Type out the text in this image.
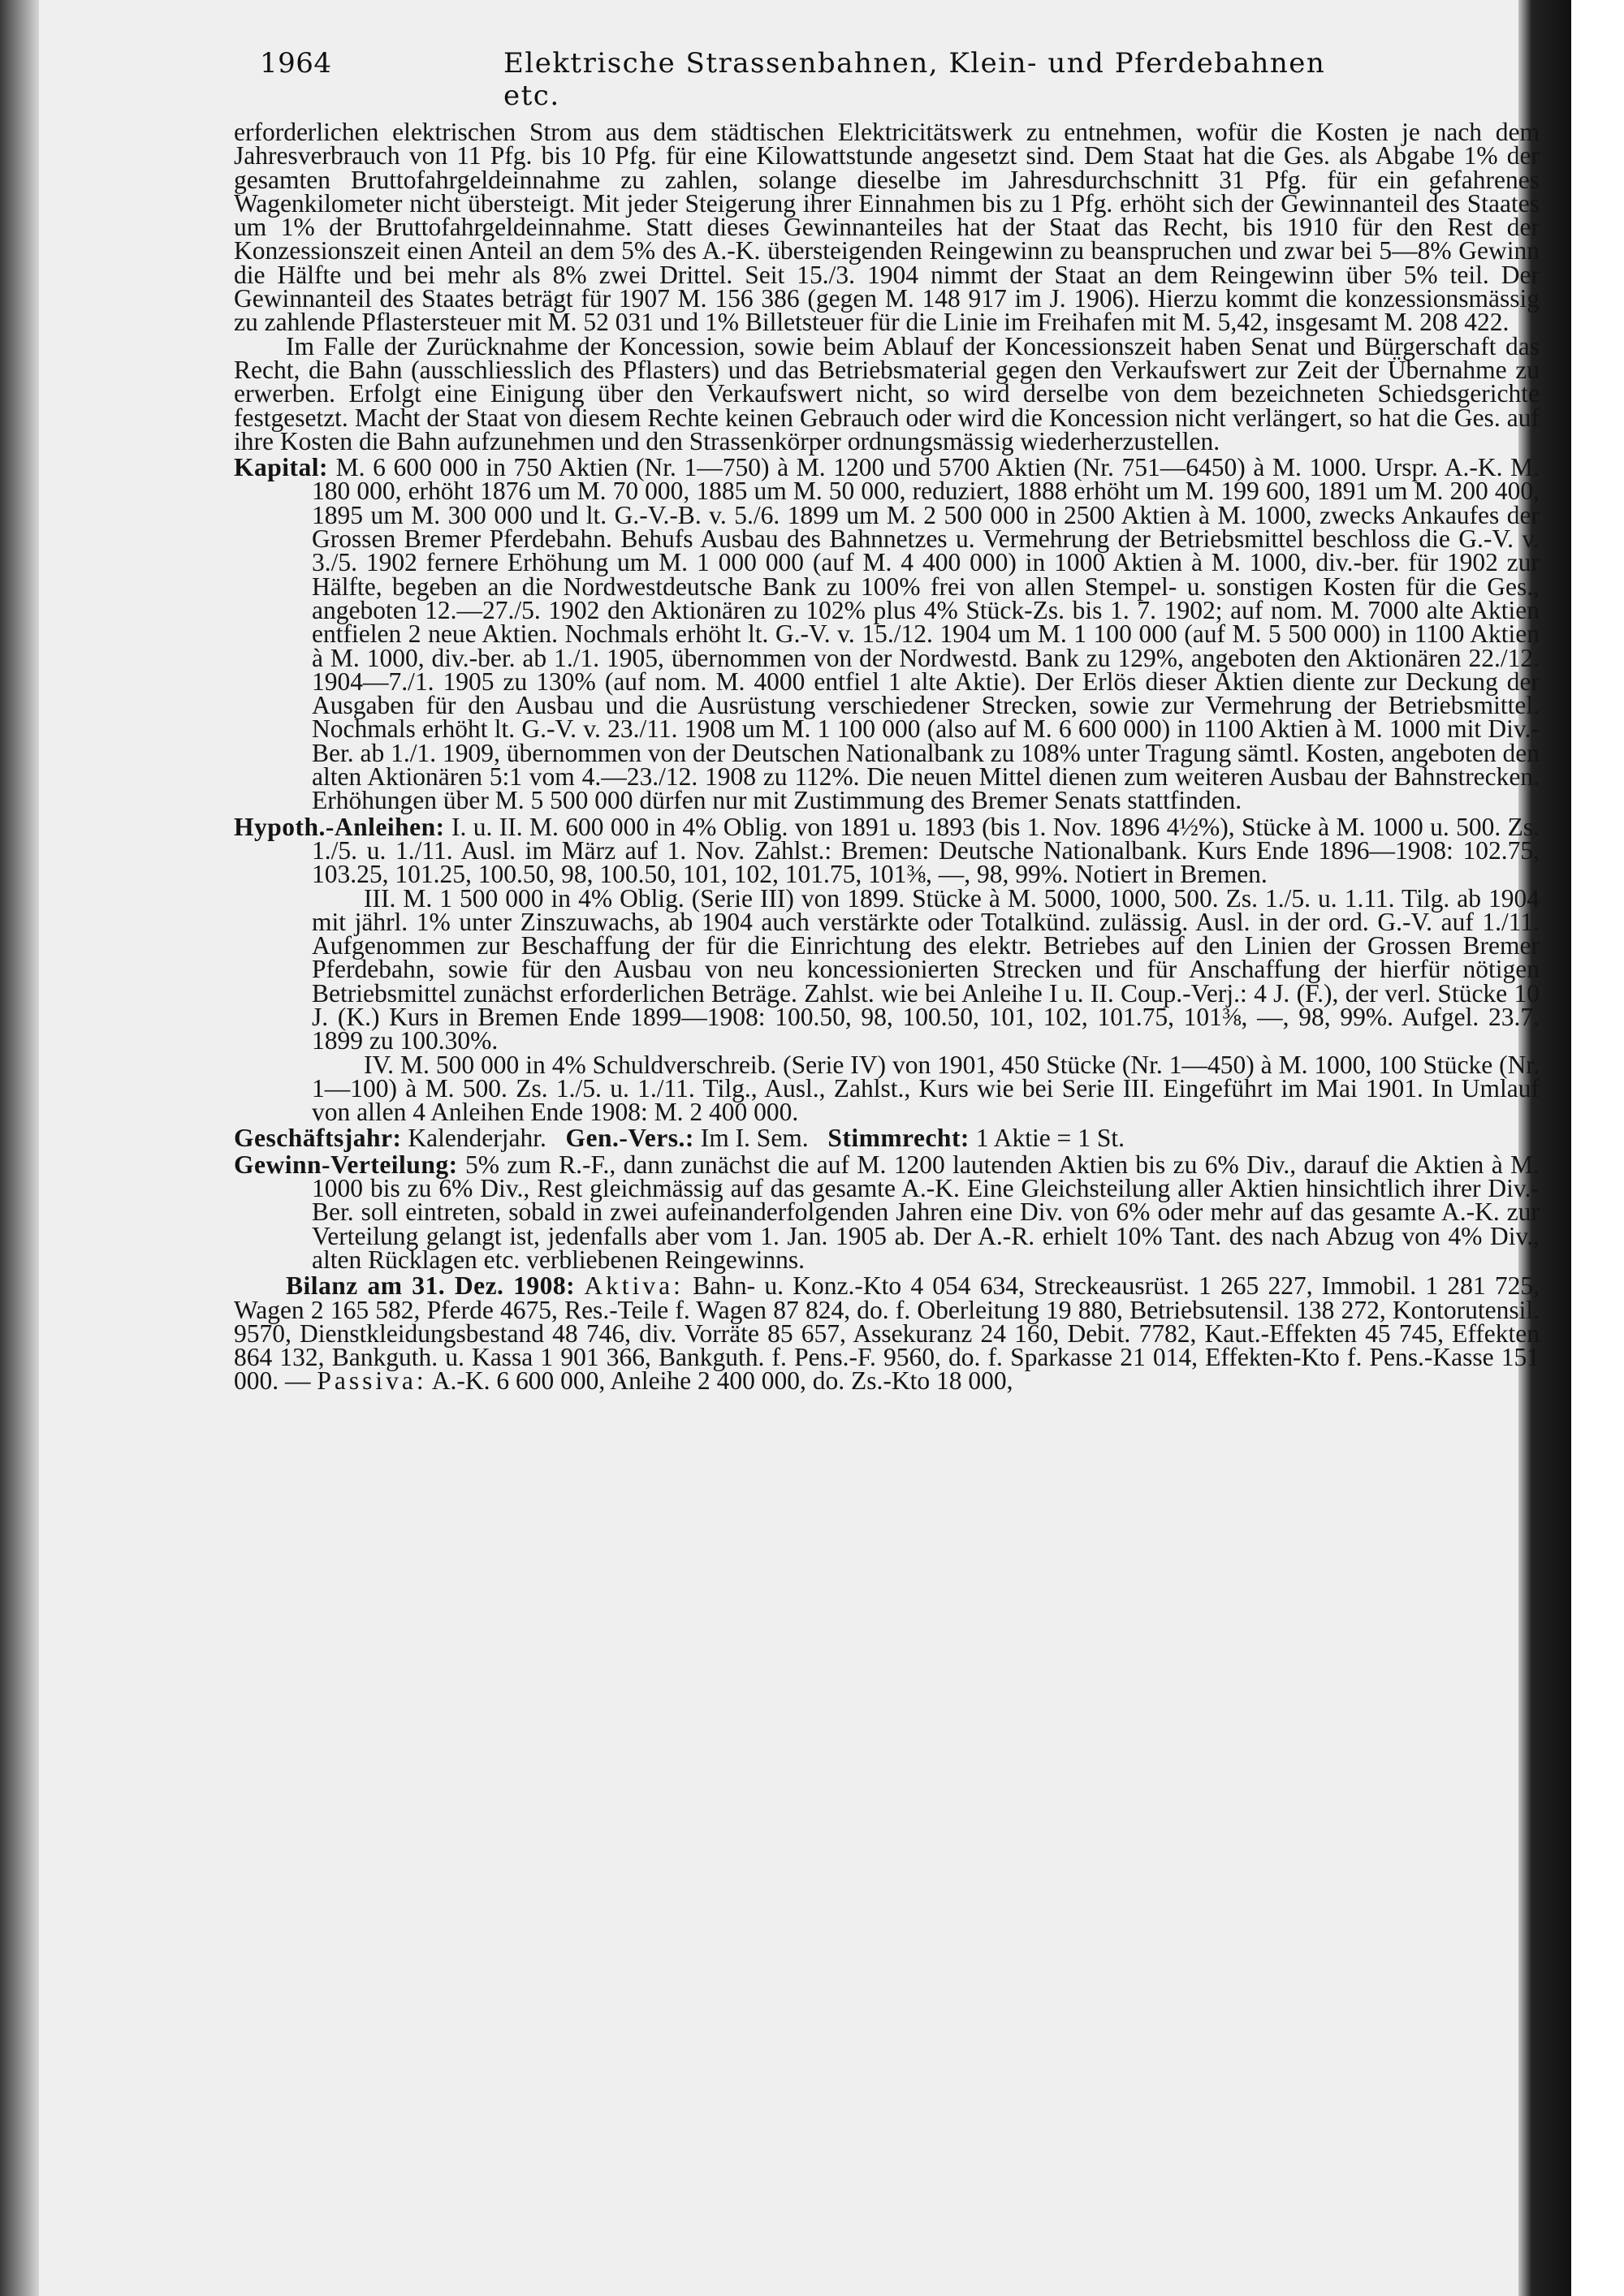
1964	Elektrische Strassenbahnen, Klein- und Pferdebahnen etc.

erforderlichen elektrischen Strom aus dem städtischen Elektricitätswerk zu entnehmen, wofür die Kosten je nach dem Jahresverbrauch von 11 Pfg. bis 10 Pfg. für eine Kilowattstunde angesetzt sind. Dem Staat hat die Ges. als Abgabe 1% der gesamten Bruttofahrgeldeinnahme zu zahlen, solange dieselbe im Jahresdurchschnitt 31 Pfg. für ein gefahrenes Wagenkilometer nicht übersteigt. Mit jeder Steigerung ihrer Einnahmen bis zu 1 Pfg. erhöht sich der Gewinnanteil des Staates um 1% der Bruttofahrgeldeinnahme. Statt dieses Gewinnanteiles hat der Staat das Recht, bis 1910 für den Rest der Konzessionszeit einen Anteil an dem 5% des A.-K. übersteigenden Reingewinn zu beanspruchen und zwar bei 5—8% Gewinn die Hälfte und bei mehr als 8% zwei Drittel. Seit 15./3. 1904 nimmt der Staat an dem Reingewinn über 5% teil. Der Gewinnanteil des Staates beträgt für 1907 M. 156 386 (gegen M. 148 917 im J. 1906). Hierzu kommt die konzessionsmässig zu zahlende Pflastersteuer mit M. 52 031 und 1% Billetsteuer für die Linie im Freihafen mit M. 5,42, insgesamt M. 208 422.

Im Falle der Zurücknahme der Koncession, sowie beim Ablauf der Koncessionszeit haben Senat und Bürgerschaft das Recht, die Bahn (ausschliesslich des Pflasters) und das Betriebsmaterial gegen den Verkaufswert zur Zeit der Übernahme zu erwerben. Erfolgt eine Einigung über den Verkaufswert nicht, so wird derselbe von dem bezeichneten Schiedsgerichte festgesetzt. Macht der Staat von diesem Rechte keinen Gebrauch oder wird die Koncession nicht verlängert, so hat die Ges. auf ihre Kosten die Bahn aufzunehmen und den Strassenkörper ordnungsmässig wiederherzustellen.

Kapital: M. 6 600 000 in 750 Aktien (Nr. 1—750) à M. 1200 und 5700 Aktien (Nr. 751—6450) à M. 1000. Urspr. A.-K. M. 180 000, erhöht 1876 um M. 70 000, 1885 um M. 50 000, reduziert, 1888 erhöht um M. 199 600, 1891 um M. 200 400, 1895 um M. 300 000 und lt. G.-V.-B. v. 5./6. 1899 um M. 2 500 000 in 2500 Aktien à M. 1000, zwecks Ankaufes der Grossen Bremer Pferdebahn. Behufs Ausbau des Bahnnetzes u. Vermehrung der Betriebsmittel beschloss die G.-V. v. 3./5. 1902 fernere Erhöhung um M. 1 000 000 (auf M. 4 400 000) in 1000 Aktien à M. 1000, div.-ber. für 1902 zur Hälfte, begeben an die Nordwestdeutsche Bank zu 100% frei von allen Stempel- u. sonstigen Kosten für die Ges., angeboten 12.—27./5. 1902 den Aktionären zu 102% plus 4% Stück-Zs. bis 1. 7. 1902; auf nom. M. 7000 alte Aktien entfielen 2 neue Aktien. Nochmals erhöht lt. G.-V. v. 15./12. 1904 um M. 1 100 000 (auf M. 5 500 000) in 1100 Aktien à M. 1000, div.-ber. ab 1./1. 1905, übernommen von der Nordwestd. Bank zu 129%, angeboten den Aktionären 22./12. 1904—7./1. 1905 zu 130% (auf nom. M. 4000 entfiel 1 alte Aktie). Der Erlös dieser Aktien diente zur Deckung der Ausgaben für den Ausbau und die Ausrüstung verschiedener Strecken, sowie zur Vermehrung der Betriebsmittel. Nochmals erhöht lt. G.-V. v. 23./11. 1908 um M. 1 100 000 (also auf M. 6 600 000) in 1100 Aktien à M. 1000 mit Div.-Ber. ab 1./1. 1909, übernommen von der Deutschen Nationalbank zu 108% unter Tragung sämtl. Kosten, angeboten den alten Aktionären 5:1 vom 4.—23./12. 1908 zu 112%. Die neuen Mittel dienen zum weiteren Ausbau der Bahnstrecken. Erhöhungen über M. 5 500 000 dürfen nur mit Zustimmung des Bremer Senats stattfinden.

Hypoth.-Anleihen: I. u. II. M. 600 000 in 4% Oblig. von 1891 u. 1893 (bis 1. Nov. 1896 4½%), Stücke à M. 1000 u. 500. Zs. 1./5. u. 1./11. Ausl. im März auf 1. Nov. Zahlst.: Bremen: Deutsche Nationalbank. Kurs Ende 1896—1908: 102.75, 103.25, 101.25, 100.50, 98, 100.50, 101, 102, 101.75, 101⅜, —, 98, 99%. Notiert in Bremen.

III. M. 1 500 000 in 4% Oblig. (Serie III) von 1899. Stücke à M. 5000, 1000, 500. Zs. 1./5. u. 1.11. Tilg. ab 1904 mit jährl. 1% unter Zinszuwachs, ab 1904 auch verstärkte oder Totalkünd. zulässig. Ausl. in der ord. G.-V. auf 1./11. Aufgenommen zur Beschaffung der für die Einrichtung des elektr. Betriebes auf den Linien der Grossen Bremer Pferdebahn, sowie für den Ausbau von neu koncessionierten Strecken und für Anschaffung der hierfür nötigen Betriebsmittel zunächst erforderlichen Beträge. Zahlst. wie bei Anleihe I u. II. Coup.-Verj.: 4 J. (F.), der verl. Stücke 10 J. (K.) Kurs in Bremen Ende 1899—1908: 100.50, 98, 100.50, 101, 102, 101.75, 101⅜, —, 98, 99%. Aufgel. 23.7. 1899 zu 100.30%.

IV. M. 500 000 in 4% Schuldverschreib. (Serie IV) von 1901, 450 Stücke (Nr. 1—450) à M. 1000, 100 Stücke (Nr. 1—100) à M. 500. Zs. 1./5. u. 1./11. Tilg., Ausl., Zahlst., Kurs wie bei Serie III. Eingeführt im Mai 1901. In Umlauf von allen 4 Anleihen Ende 1908: M. 2 400 000.

Geschäftsjahr: Kalenderjahr. Gen.-Vers.: Im I. Sem. Stimmrecht: 1 Aktie = 1 St.

Gewinn-Verteilung: 5% zum R.-F., dann zunächst die auf M. 1200 lautenden Aktien bis zu 6% Div., darauf die Aktien à M. 1000 bis zu 6% Div., Rest gleichmässig auf das gesamte A.-K. Eine Gleichsteilung aller Aktien hinsichtlich ihrer Div.-Ber. soll eintreten, sobald in zwei aufeinanderfolgenden Jahren eine Div. von 6% oder mehr auf das gesamte A.-K. zur Verteilung gelangt ist, jedenfalls aber vom 1. Jan. 1905 ab. Der A.-R. erhielt 10% Tant. des nach Abzug von 4% Div., alten Rücklagen etc. verbliebenen Reingewinns.

Bilanz am 31. Dez. 1908: Aktiva: Bahn- u. Konz.-Kto 4 054 634, Streckeausrüst. 1 265 227, Immobil. 1 281 725, Wagen 2 165 582, Pferde 4675, Res.-Teile f. Wagen 87 824, do. f. Oberleitung 19 880, Betriebsutensil. 138 272, Kontorutensil. 9570, Dienstkleidungsbestand 48 746, div. Vorräte 85 657, Assekuranz 24 160, Debit. 7782, Kaut.-Effekten 45 745, Effekten 864 132, Bankguth. u. Kassa 1 901 366, Bankguth. f. Pens.-F. 9560, do. f. Sparkasse 21 014, Effekten-Kto f. Pens.-Kasse 151 000. — Passiva: A.-K. 6 600 000, Anleihe 2 400 000, do. Zs.-Kto 18 000,
